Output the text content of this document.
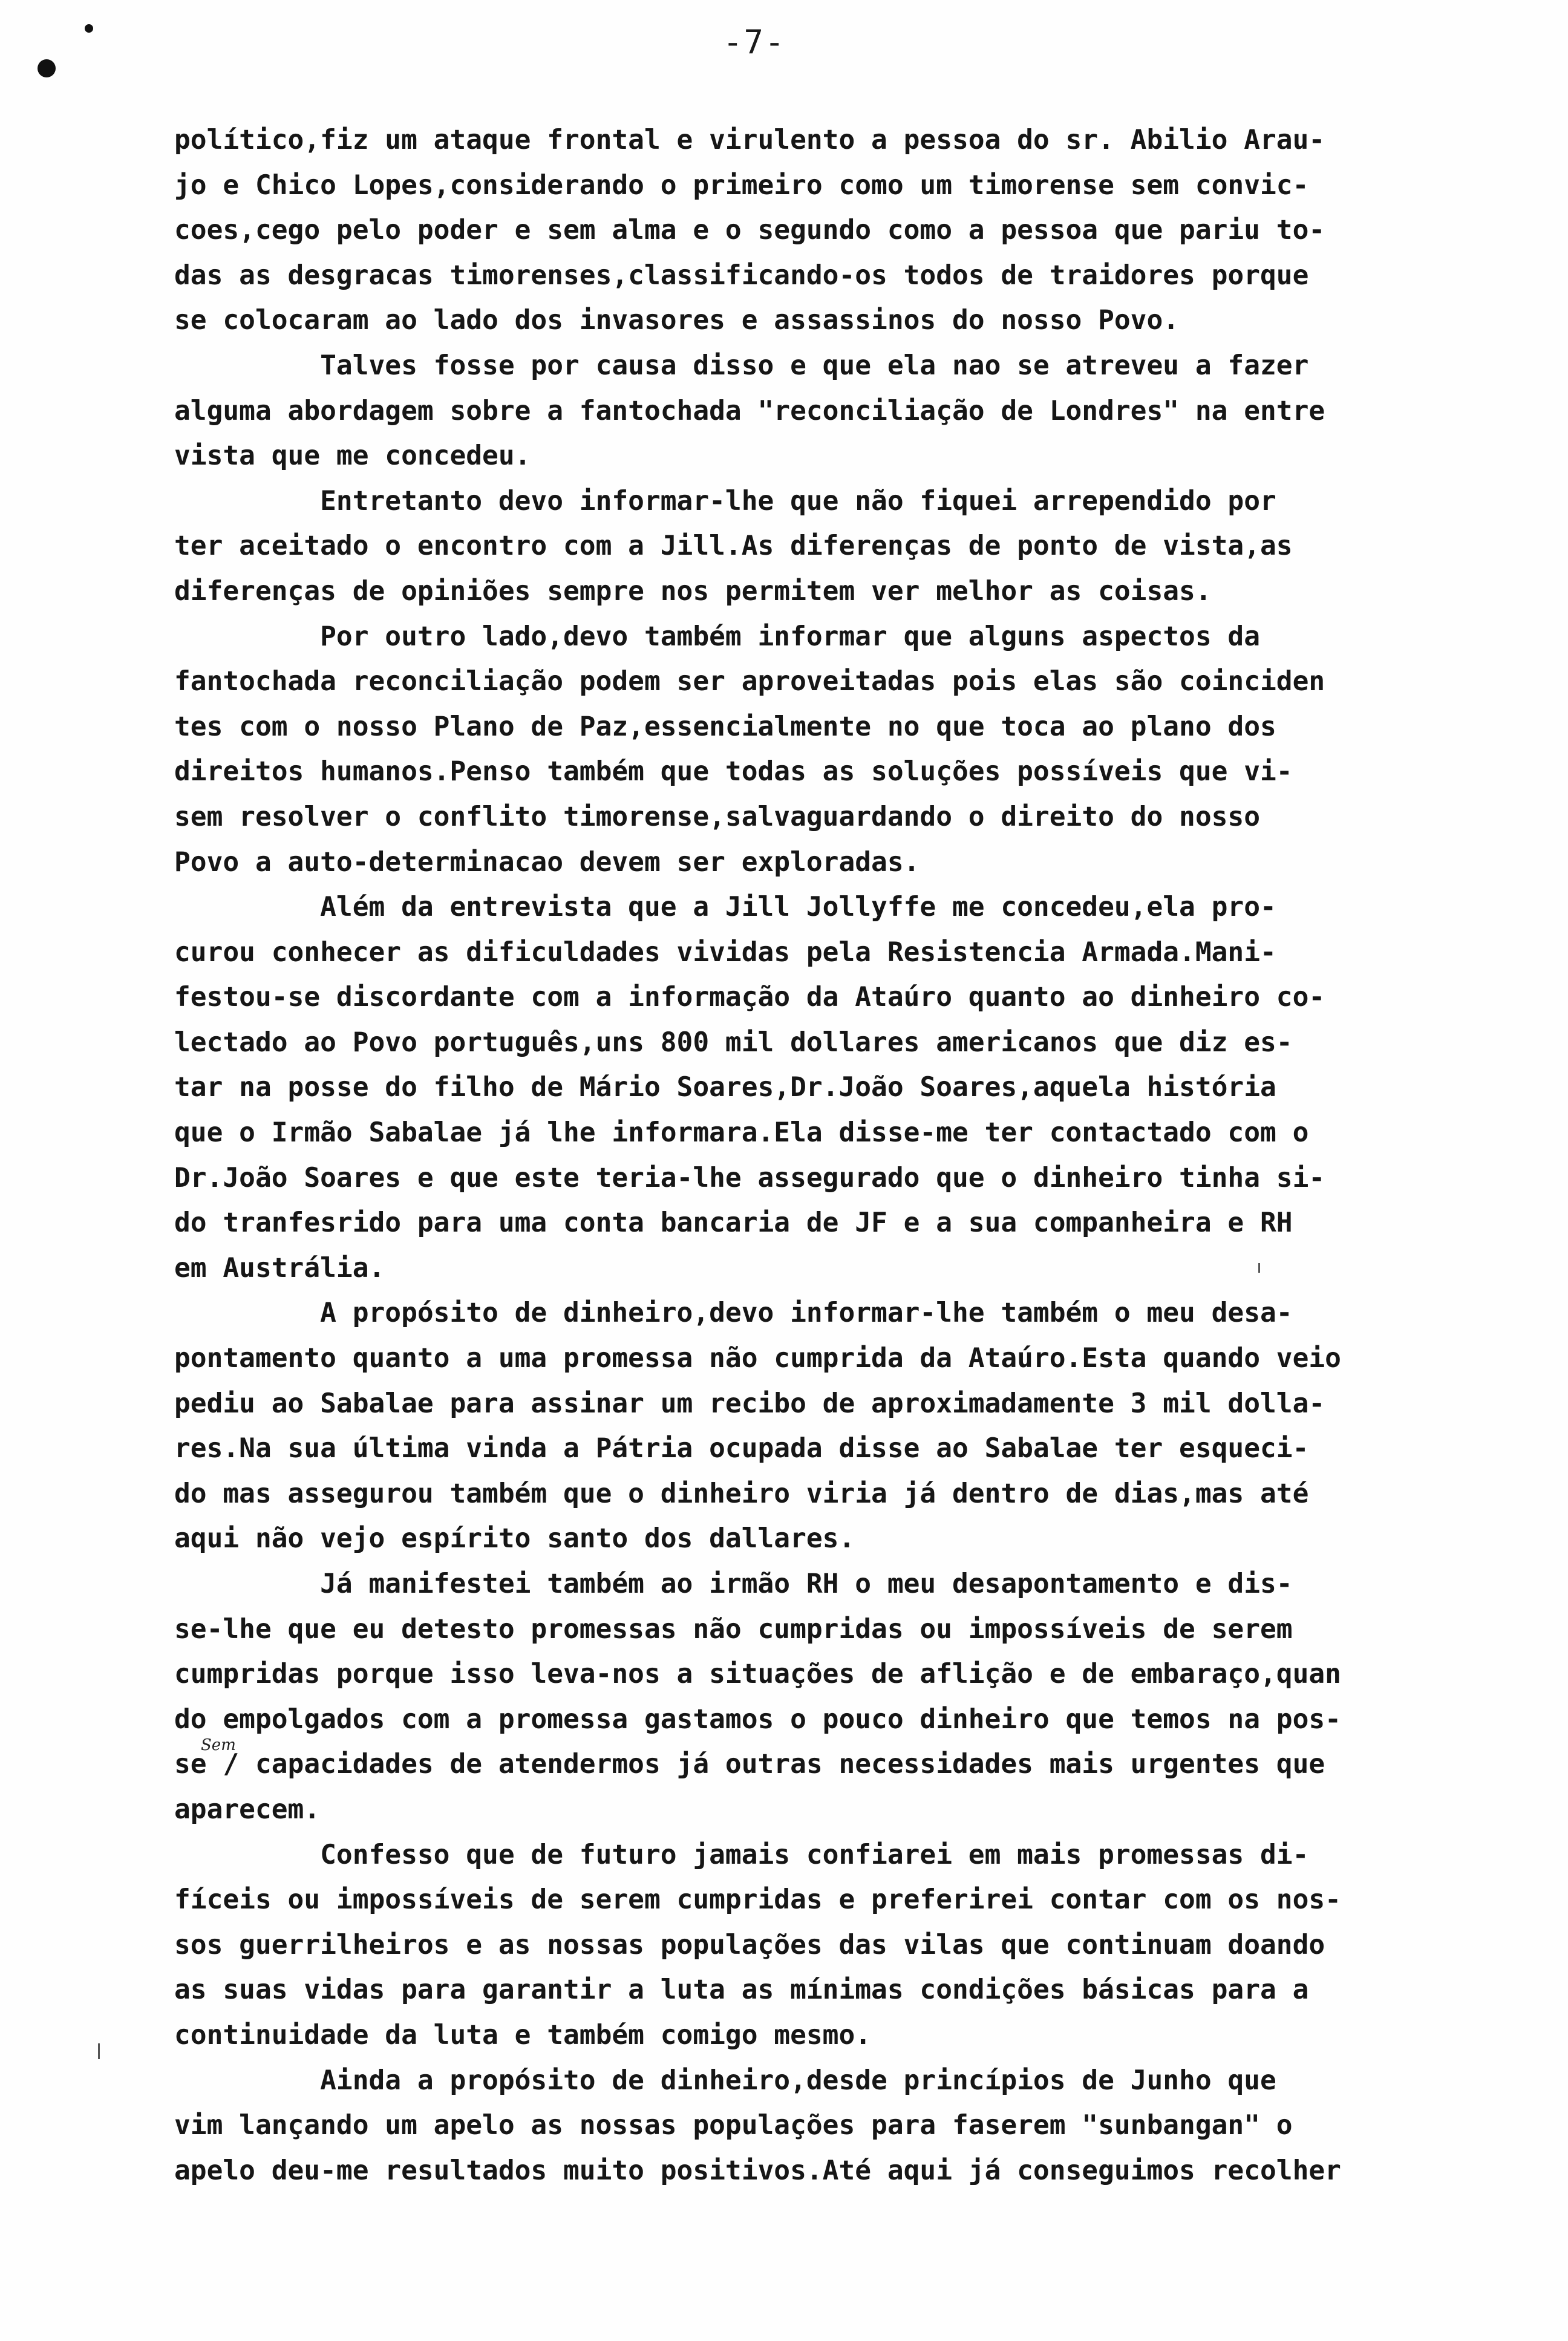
-7-
político,fiz um ataque frontal e virulento a pessoa do sr. Abilio Arau-
jo e Chico Lopes,considerando o primeiro como um timorense sem convic-
coes,cego pelo poder e sem alma e o segundo como a pessoa que pariu to-
das as desgracas timorenses,classificando-os todos de traidores porque
se colocaram ao lado dos invasores e assassinos do nosso Povo.
Talves fosse por causa disso e que ela nao se atreveu a fazer
alguma abordagem sobre a fantochada "reconciliação de Londres" na entre
vista que me concedeu.
Entretanto devo informar-lhe que não fiquei arrependido por
ter aceitado o encontro com a Jill.As diferenças de ponto de vista,as
diferenças de opiniões sempre nos permitem ver melhor as coisas.
Por outro lado,devo também informar que alguns aspectos da
fantochada reconciliação podem ser aproveitadas pois elas são coinciden
tes com o nosso Plano de Paz,essencialmente no que toca ao plano dos
direitos humanos.Penso também que todas as soluções possíveis que vi-
sem resolver o conflito timorense,salvaguardando o direito do nosso
Povo a auto-determinacao devem ser exploradas.
Além da entrevista que a Jill Jollyffe me concedeu,ela pro-
curou conhecer as dificuldades vividas pela Resistencia Armada.Mani-
festou-se discordante com a informação da Ataúro quanto ao dinheiro co-
lectado ao Povo português,uns 800 mil dollares americanos que diz es-
tar na posse do filho de Mário Soares,Dr.João Soares,aquela história
que o Irmão Sabalae já lhe informara.Ela disse-me ter contactado com o
Dr.João Soares e que este teria-lhe assegurado que o dinheiro tinha si-
do tranfesrido para uma conta bancaria de JF e a sua companheira e RH
em Austrália.
A propósito de dinheiro,devo informar-lhe também o meu desa-
pontamento quanto a uma promessa não cumprida da Ataúro.Esta quando veio
pediu ao Sabalae para assinar um recibo de aproximadamente 3 mil dolla-
res.Na sua última vinda a Pátria ocupada disse ao Sabalae ter esqueci-
do mas assegurou também que o dinheiro viria já dentro de dias,mas até
aqui não vejo espírito santo dos dallares.
Já manifestei também ao irmão RH o meu desapontamento e dis-
se-lhe que eu detesto promessas não cumpridas ou impossíveis de serem
cumpridas porque isso leva-nos a situações de aflição e de embaraço,quan
do empolgados com a promessa gastamos o pouco dinheiro que temos na pos-
se / capacidades de atendermos já outras necessidades mais urgentes que
aparecem.
Confesso que de futuro jamais confiarei em mais promessas di-
fíceis ou impossíveis de serem cumpridas e preferirei contar com os nos-
sos guerrilheiros e as nossas populações das vilas que continuam doando
as suas vidas para garantir a luta as mínimas condições básicas para a
continuidade da luta e também comigo mesmo.
Ainda a propósito de dinheiro,desde princípios de Junho que
vim lançando um apelo as nossas populações para faserem "sunbangan" o
apelo deu-me resultados muito positivos.Até aqui já conseguimos recolher
Sem
